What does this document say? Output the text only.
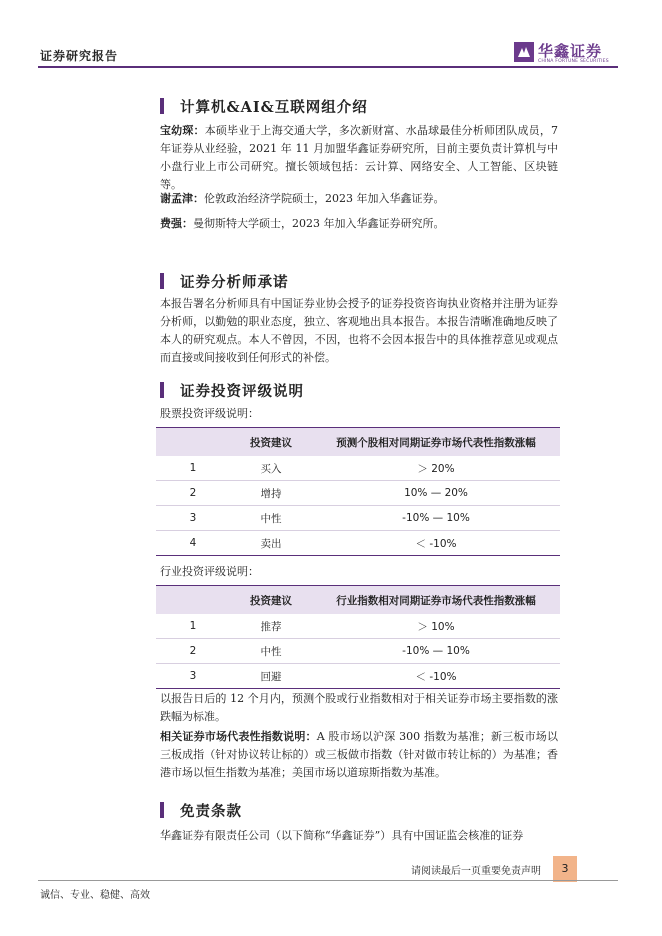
证券研究报告	华鑫证券
CHINA FORTUNE SECURITIES
计算机&AI&互联网组介绍
宝幼琛：本硕毕业于上海交通大学，多次新财富、水晶球最佳分析师团队成员，7年证券从业经验，2021 年 11 月加盟华鑫证券研究所，目前主要负责计算机与中小盘行业上市公司研究。擅长领域包括：云计算、网络安全、人工智能、区块链等。
谢孟津：伦敦政治经济学院硕士，2023 年加入华鑫证券。
费强：曼彻斯特大学硕士，2023 年加入华鑫证券研究所。
证券分析师承诺
本报告署名分析师具有中国证券业协会授予的证券投资咨询执业资格并注册为证券分析师，以勤勉的职业态度，独立、客观地出具本报告。本报告清晰准确地反映了本人的研究观点。本人不曾因，不因，也将不会因本报告中的具体推荐意见或观点而直接或间接收到任何形式的补偿。
证券投资评级说明
股票投资评级说明：
	投资建议	预测个股相对同期证券市场代表性指数涨幅
1	买入	＞ 20%
2	增持	10% — 20%
3	中性	-10% — 10%
4	卖出	＜ -10%
行业投资评级说明：
	投资建议	行业指数相对同期证券市场代表性指数涨幅
1	推荐	＞ 10%
2	中性	-10% — 10%
3	回避	＜ -10%
以报告日后的 12 个月内，预测个股或行业指数相对于相关证券市场主要指数的涨跌幅为标准。
相关证券市场代表性指数说明：A 股市场以沪深 300 指数为基准；新三板市场以三板成指（针对协议转让标的）或三板做市指数（针对做市转让标的）为基准；香港市场以恒生指数为基准；美国市场以道琼斯指数为基准。
免责条款
华鑫证券有限责任公司（以下简称“华鑫证券”）具有中国证监会核准的证券
请阅读最后一页重要免责声明	3
诚信、专业、稳健、高效
